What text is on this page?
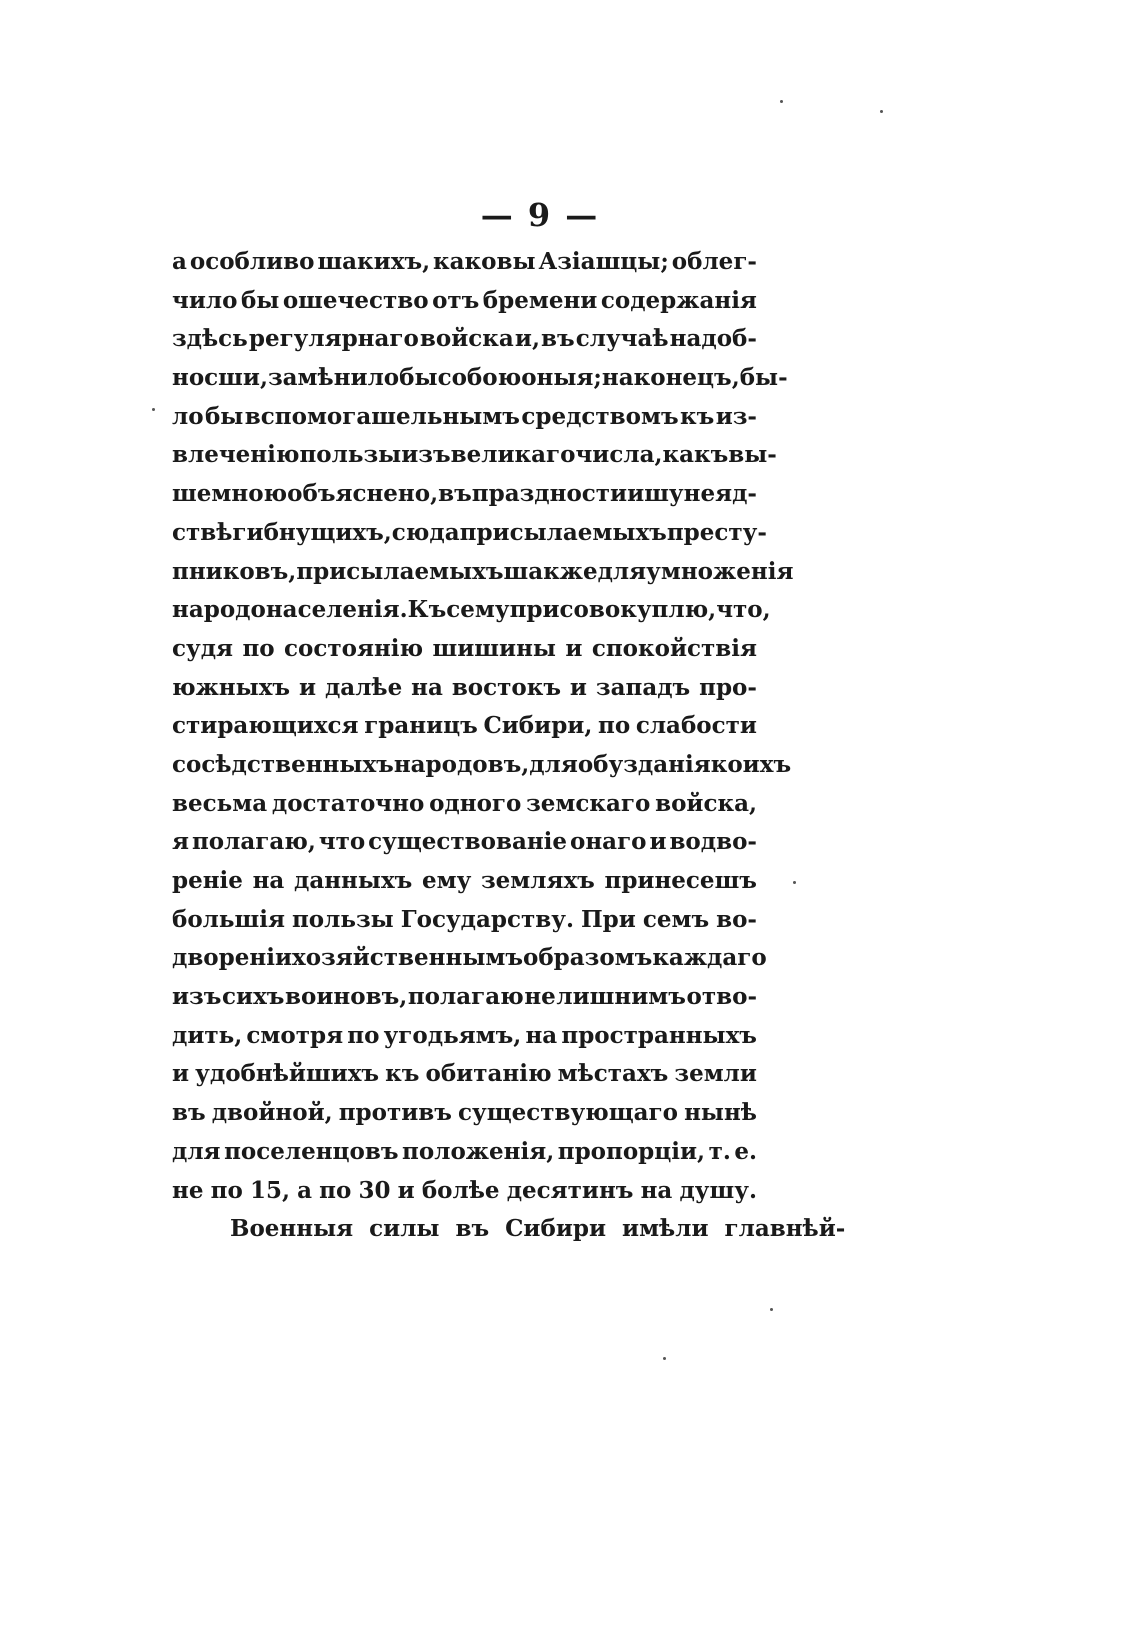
— 9 —
а особливо шакихъ, каковы Азіашцы; облег-
чило бы ошечество отъ бремени содержанія
здѣсь регулярнаго войска и, въ случаѣ надоб-
носши, замѣнило бы собою оныя; наконецъ, бы-
ло бы вспомогашельнымъ средствомъ къ из-
влеченію пользы изъ великаго числа, какъ вы-
ше мною объяснено, въ праздности и шунеяд-
ствѣ гибнущихъ, сюда присылаемыхъ престу-
пниковъ, присылаемыхъ шакже для умноженія
народонаселенія. Къ сему присовокуплю, что,
судя по состоянію шишины и спокойствія
южныхъ и далѣе на востокъ и западъ про-
стирающихся границъ Сибири, по слабости
сосѣдственныхъ народовъ, для обузданія коихъ
весьма достаточно одного земскаго войска,
я полагаю, что существованіе онаго и водво-
реніе на данныхъ ему земляхъ принесешъ
большія пользы Государству. При семъ во-
двореніи хозяйственнымъ образомъ каждаго
изъ сихъ воиновъ, полагаю не лишнимъ отво-
дить, смотря по угодьямъ, на пространныхъ
и удобнѣйшихъ къ обитанію мѣстахъ земли
въ двойной, противъ существующаго нынѣ
для поселенцовъ положенія, пропорціи, т. е.
не по 15, а по 30 и болѣе десятинъ на душу.
Военныя силы въ Сибири имѣли главнѣй-
